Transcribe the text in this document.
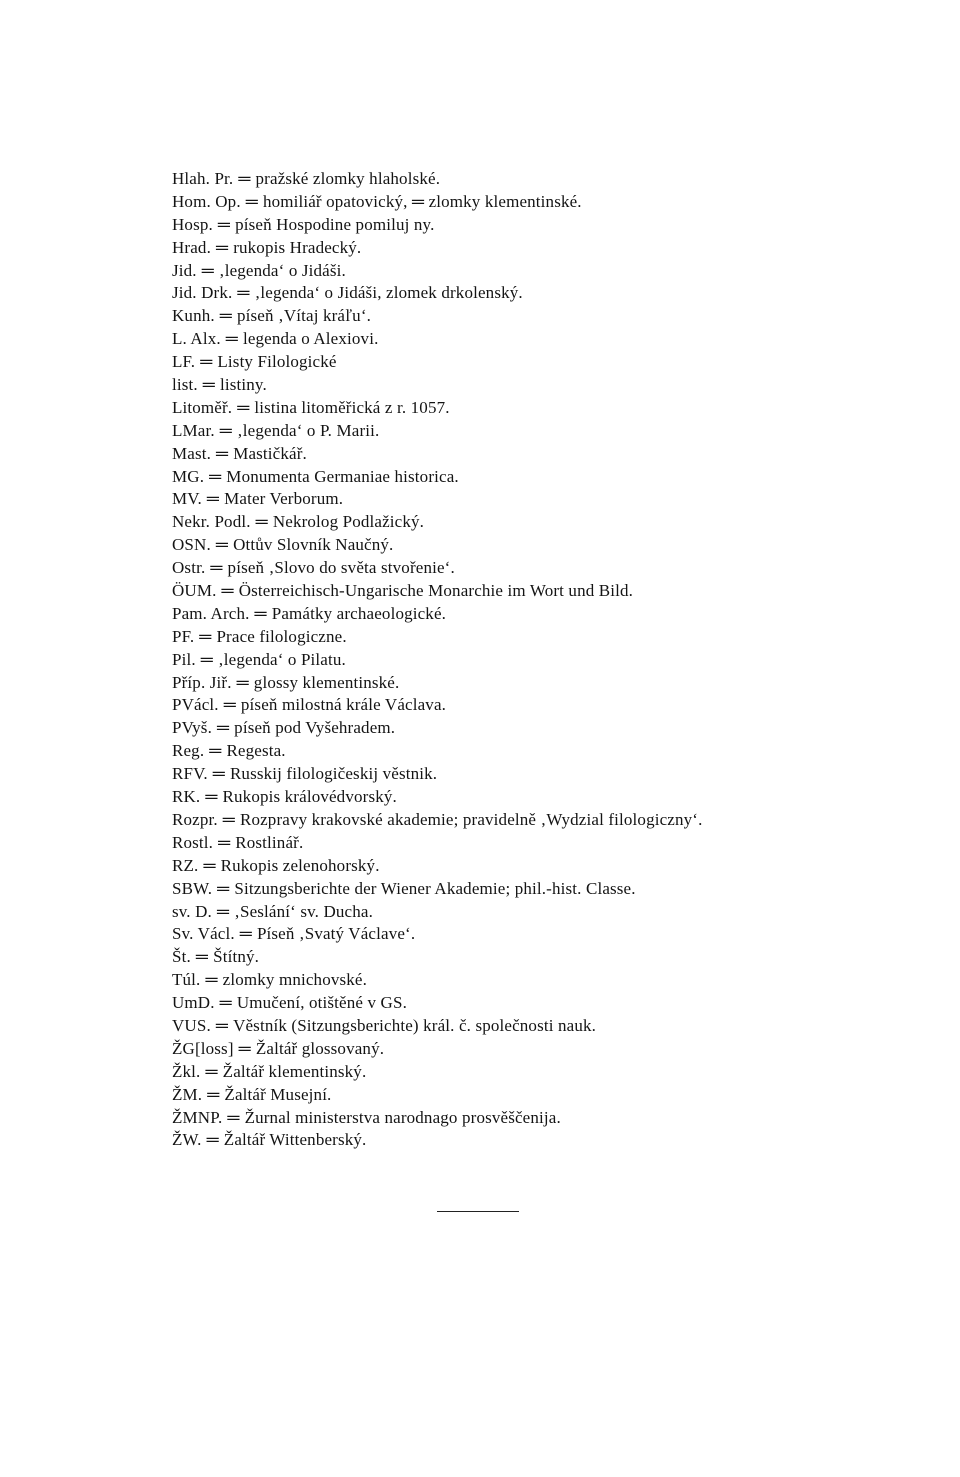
Hlah. Pr. ═ pražské zlomky hlaholské.
Hom. Op. ═ homiliář opatovický, ═ zlomky klementinské.
Hosp. ═ píseň Hospodine pomiluj ny.
Hrad. ═ rukopis Hradecký.
Jid. ═ ‚legenda‘ o Jidáši.
Jid. Drk. ═ ‚legenda‘ o Jidáši, zlomek drkolenský.
Kunh. ═ píseň ‚Vítaj kráľu‘.
L. Alx. ═ legenda o Alexiovi.
LF. ═ Listy Filologické
list. ═ listiny.
Litoměř. ═ listina litoměřická z r. 1057.
LMar. ═ ‚legenda‘ o P. Marii.
Mast. ═ Mastičkář.
MG. ═ Monumenta Germaniae historica.
MV. ═ Mater Verborum.
Nekr. Podl. ═ Nekrolog Podlažický.
OSN. ═ Ottův Slovník Naučný.
Ostr. ═ píseň ‚Slovo do světa stvořenie‘.
ÖUM. ═ Österreichisch-Ungarische Monarchie im Wort und Bild.
Pam. Arch. ═ Památky archaeologické.
PF. ═ Prace filologiczne.
Pil. ═ ‚legenda‘ o Pilatu.
Příp. Jiř. ═ glossy klementinské.
PVácl. ═ píseň milostná krále Václava.
PVyš. ═ píseň pod Vyšehradem.
Reg. ═ Regesta.
RFV. ═ Russkij filologičeskij věstnik.
RK. ═ Rukopis královédvorský.
Rozpr. ═ Rozpravy krakovské akademie; pravidelně ‚Wydzial filologiczny‘.
Rostl. ═ Rostlinář.
RZ. ═ Rukopis zelenohorský.
SBW. ═ Sitzungsberichte der Wiener Akademie; phil.-hist. Classe.
sv. D. ═ ‚Seslání‘ sv. Ducha.
Sv. Václ. ═ Píseň ‚Svatý Václave‘.
Št. ═ Štítný.
Túl. ═ zlomky mnichovské.
UmD. ═ Umučení, otištěné v GS.
VUS. ═ Věstník (Sitzungsberichte) král. č. společnosti nauk.
ŽG[loss] ═ Žaltář glossovaný.
Žkl. ═ Žaltář klementinský.
ŽM. ═ Žaltář Musejní.
ŽMNP. ═ Žurnal ministerstva narodnago prosvěščenija.
ŽW. ═ Žaltář Wittenberský.
